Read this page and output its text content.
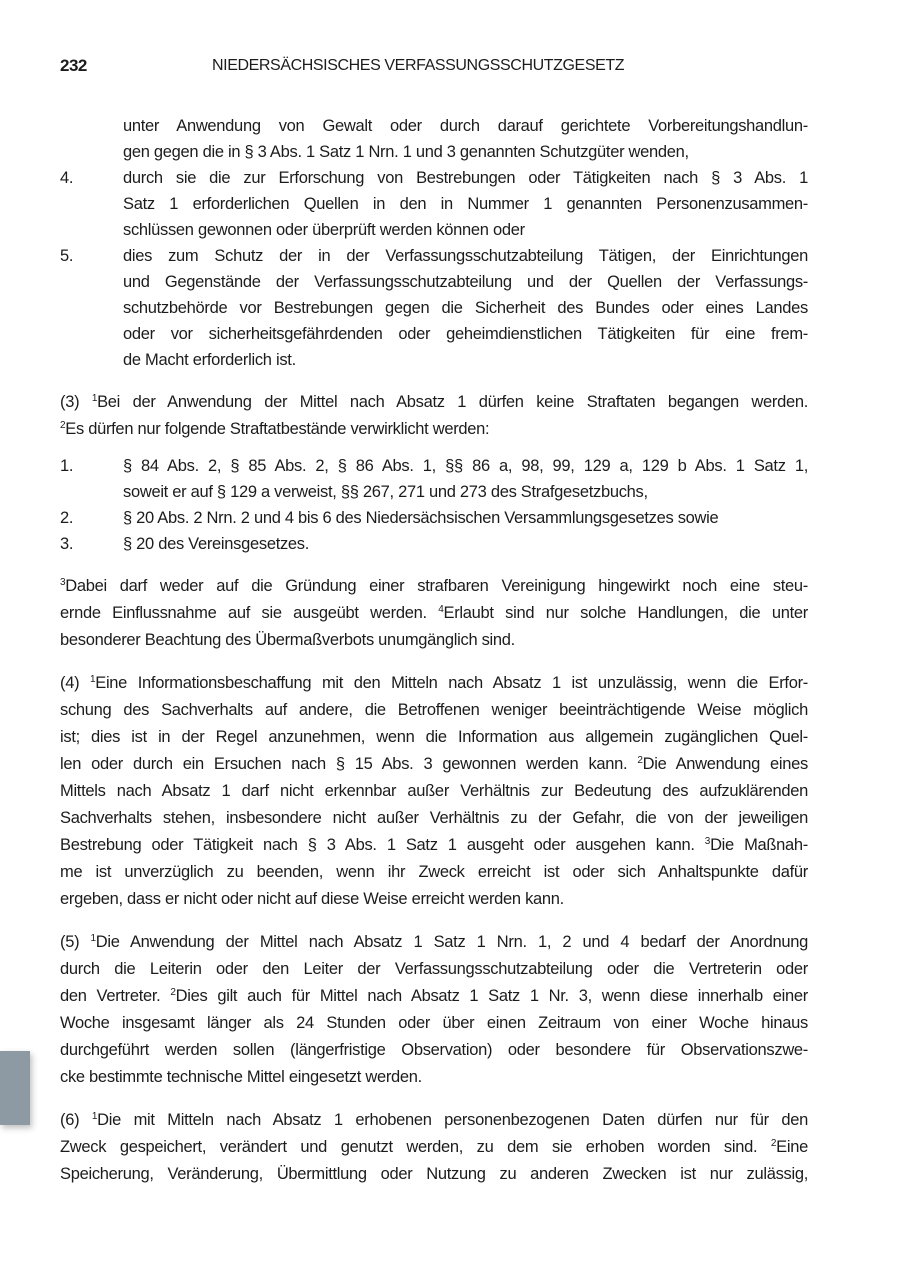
232	NIEDERSÄCHSISCHES VERFASSUNGSSCHUTZGESETZ
unter Anwendung von Gewalt oder durch darauf gerichtete Vorbereitungshandlun-
gen gegen die in § 3 Abs. 1 Satz 1 Nrn. 1 und 3 genannten Schutzgüter wenden,
4.	durch sie die zur Erforschung von Bestrebungen oder Tätigkeiten nach § 3 Abs. 1
Satz 1 erforderlichen Quellen in den in Nummer 1 genannten Personenzusammen-
schlüssen gewonnen oder überprüft werden können oder
5.	dies zum Schutz der in der Verfassungsschutzabteilung Tätigen, der Einrichtungen
und Gegenstände der Verfassungsschutzabteilung und der Quellen der Verfassungs-
schutzbehörde vor Bestrebungen gegen die Sicherheit des Bundes oder eines Landes
oder vor sicherheitsgefährdenden oder geheimdienstlichen Tätigkeiten für eine frem-
de Macht erforderlich ist.
(3) $^1$Bei der Anwendung der Mittel nach Absatz 1 dürfen keine Straftaten begangen werden.
$^2$Es dürfen nur folgende Straftatbestände verwirklicht werden:
1.	§ 84 Abs. 2, § 85 Abs. 2, § 86 Abs. 1, §§ 86 a, 98, 99, 129 a, 129 b Abs. 1 Satz 1,
soweit er auf § 129 a verweist, §§ 267, 271 und 273 des Strafgesetzbuchs,
2.	§ 20 Abs. 2 Nrn. 2 und 4 bis 6 des Niedersächsischen Versammlungsgesetzes sowie
3.	§ 20 des Vereinsgesetzes.
$^3$Dabei darf weder auf die Gründung einer strafbaren Vereinigung hingewirkt noch eine steu-
ernde Einflussnahme auf sie ausgeübt werden. $^4$Erlaubt sind nur solche Handlungen, die unter
besonderer Beachtung des Übermaßverbots unumgänglich sind.
(4) $^1$Eine Informationsbeschaffung mit den Mitteln nach Absatz 1 ist unzulässig, wenn die Erfor-
schung des Sachverhalts auf andere, die Betroffenen weniger beeinträchtigende Weise möglich
ist; dies ist in der Regel anzunehmen, wenn die Information aus allgemein zugänglichen Quel-
len oder durch ein Ersuchen nach § 15 Abs. 3 gewonnen werden kann. $^2$Die Anwendung eines
Mittels nach Absatz 1 darf nicht erkennbar außer Verhältnis zur Bedeutung des aufzuklärenden
Sachverhalts stehen, insbesondere nicht außer Verhältnis zu der Gefahr, die von der jeweiligen
Bestrebung oder Tätigkeit nach § 3 Abs. 1 Satz 1 ausgeht oder ausgehen kann. $^3$Die Maßnah-
me ist unverzüglich zu beenden, wenn ihr Zweck erreicht ist oder sich Anhaltspunkte dafür
ergeben, dass er nicht oder nicht auf diese Weise erreicht werden kann.
(5) $^1$Die Anwendung der Mittel nach Absatz 1 Satz 1 Nrn. 1, 2 und 4 bedarf der Anordnung
durch die Leiterin oder den Leiter der Verfassungsschutzabteilung oder die Vertreterin oder
den Vertreter. $^2$Dies gilt auch für Mittel nach Absatz 1 Satz 1 Nr. 3, wenn diese innerhalb einer
Woche insgesamt länger als 24 Stunden oder über einen Zeitraum von einer Woche hinaus
durchgeführt werden sollen (längerfristige Observation) oder besondere für Observationszwe-
cke bestimmte technische Mittel eingesetzt werden.
(6) $^1$Die mit Mitteln nach Absatz 1 erhobenen personenbezogenen Daten dürfen nur für den
Zweck gespeichert, verändert und genutzt werden, zu dem sie erhoben worden sind. $^2$Eine
Speicherung, Veränderung, Übermittlung oder Nutzung zu anderen Zwecken ist nur zulässig,
